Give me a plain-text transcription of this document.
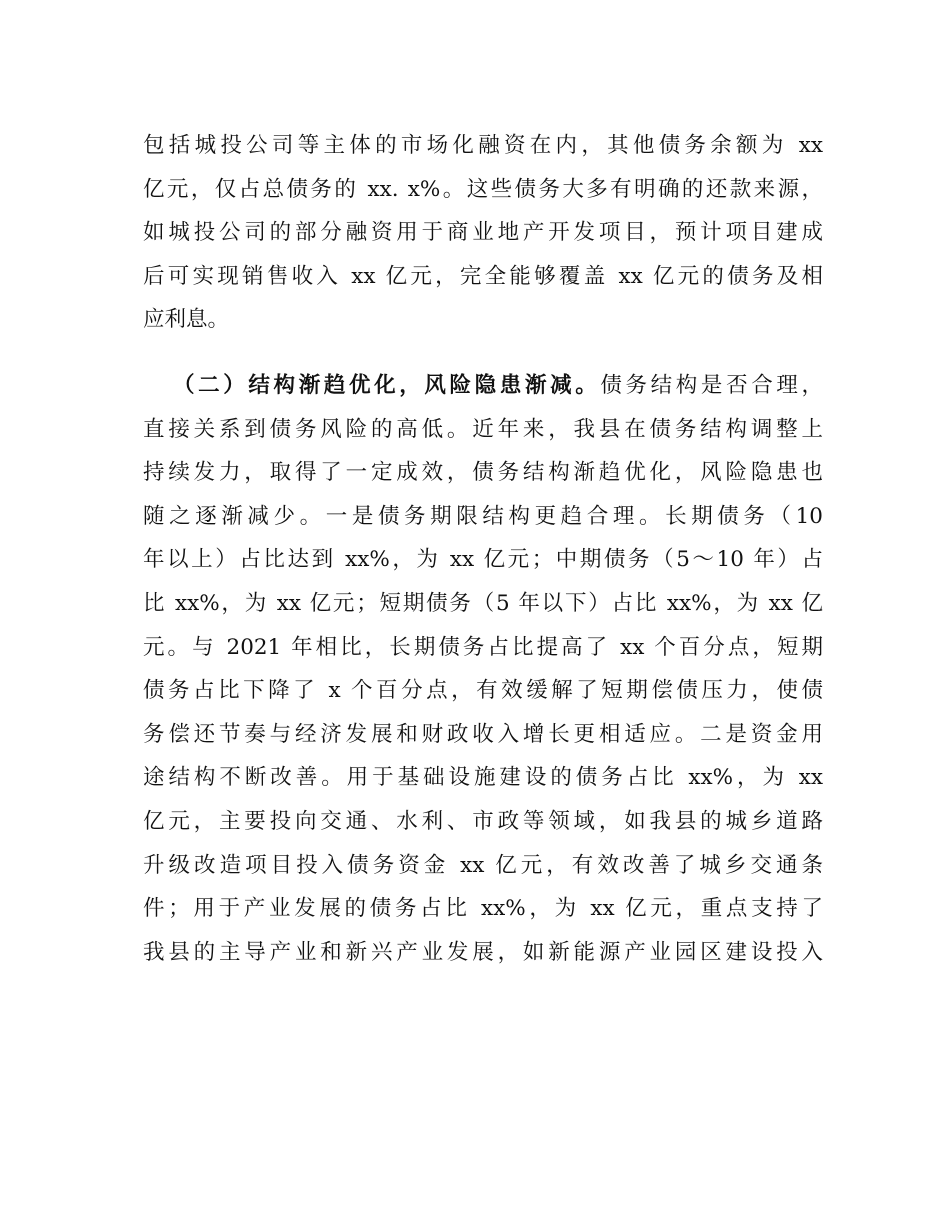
包括城投公司等主体的市场化融资在内，其他债务余额为 xx
亿元，仅占总债务的 xx. x%。这些债务大多有明确的还款来源，
如城投公司的部分融资用于商业地产开发项目，预计项目建成
后可实现销售收入 xx 亿元，完全能够覆盖 xx 亿元的债务及相
应利息。
（二）结构渐趋优化，风险隐患渐减。债务结构是否合理，
直接关系到债务风险的高低。近年来，我县在债务结构调整上
持续发力，取得了一定成效，债务结构渐趋优化，风险隐患也
随之逐渐减少。一是债务期限结构更趋合理。长期债务（10
年以上）占比达到 xx%，为 xx 亿元；中期债务（5～10 年）占
比 xx%，为 xx 亿元；短期债务（5 年以下）占比 xx%，为 xx 亿
元。与 2021 年相比，长期债务占比提高了 xx 个百分点，短期
债务占比下降了 x 个百分点，有效缓解了短期偿债压力，使债
务偿还节奏与经济发展和财政收入增长更相适应。二是资金用
途结构不断改善。用于基础设施建设的债务占比 xx%，为 xx
亿元，主要投向交通、水利、市政等领域，如我县的城乡道路
升级改造项目投入债务资金 xx 亿元，有效改善了城乡交通条
件；用于产业发展的债务占比 xx%，为 xx 亿元，重点支持了
我县的主导产业和新兴产业发展，如新能源产业园区建设投入
